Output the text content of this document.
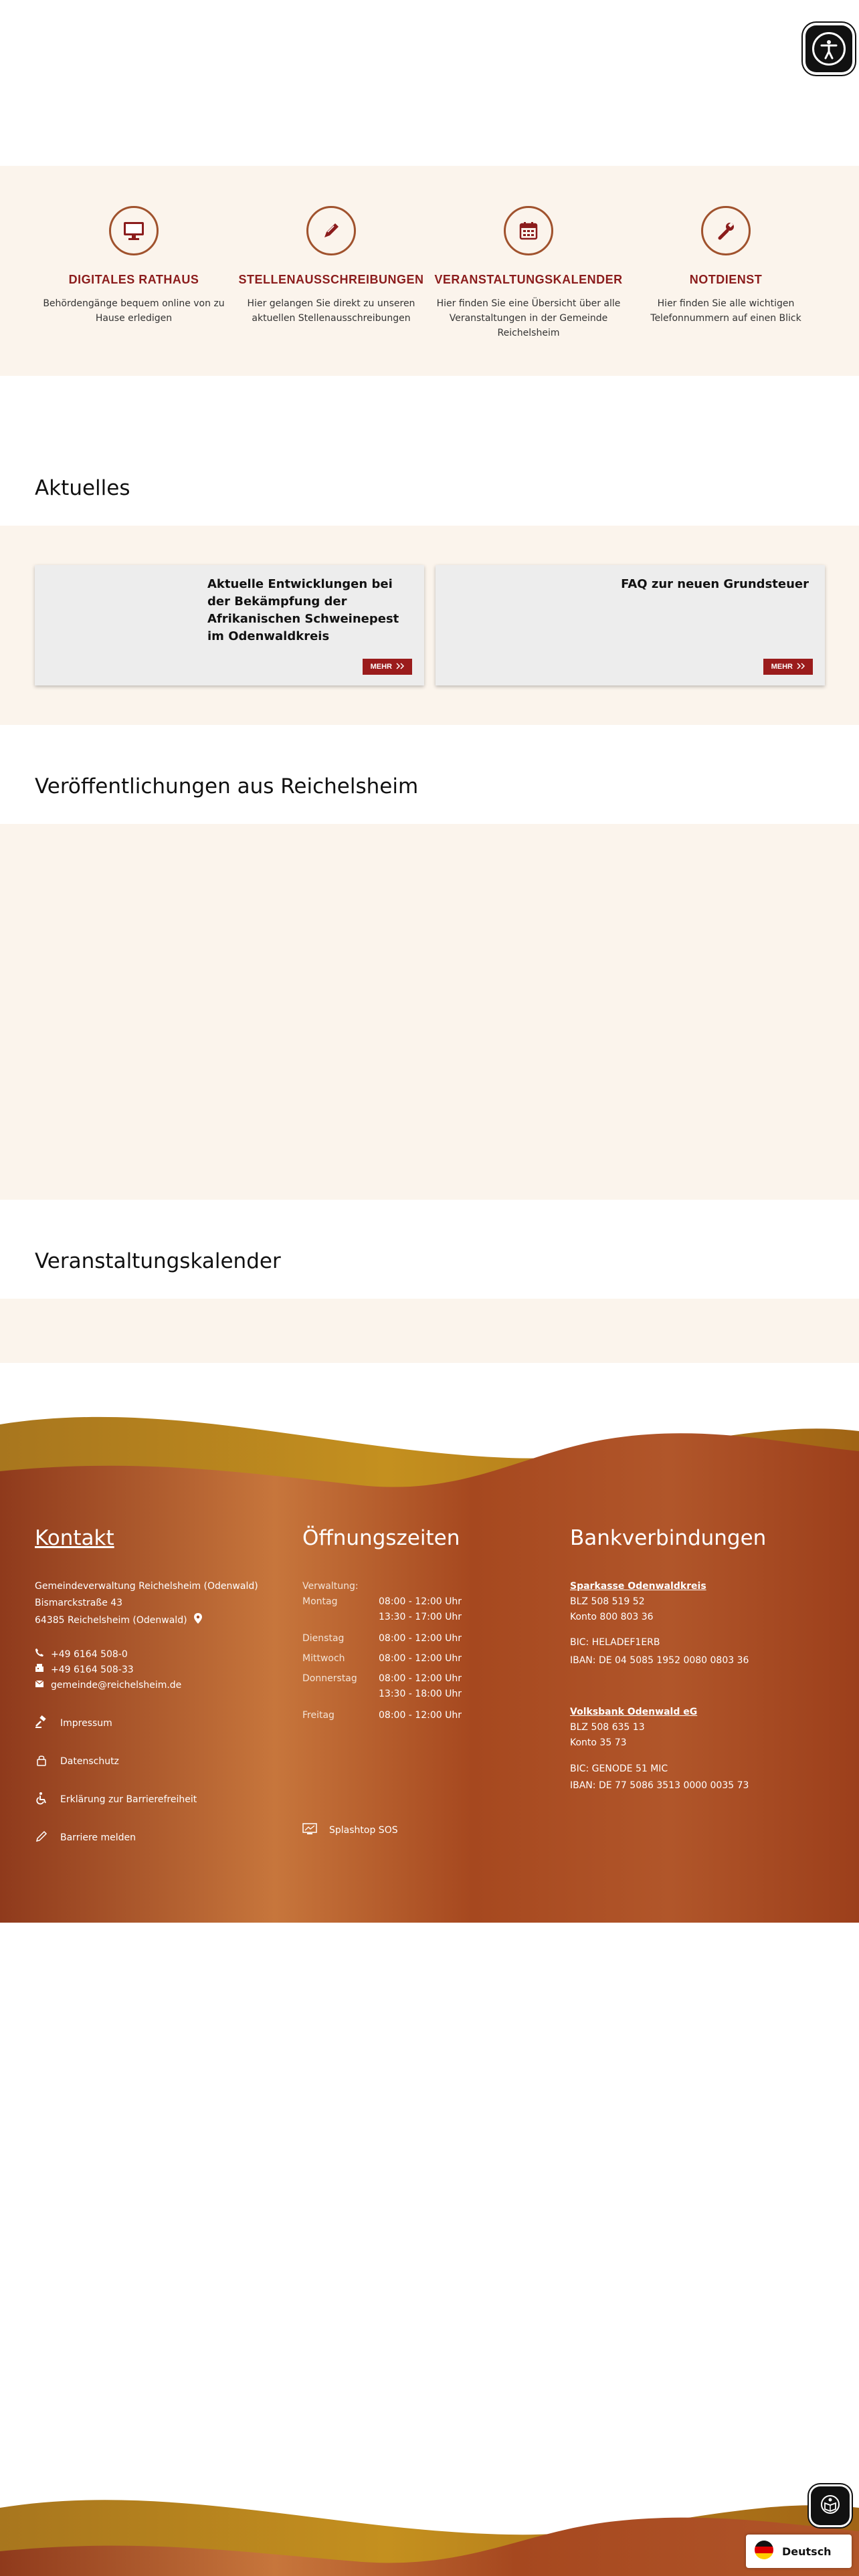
DIGITALES RATHAUS
Behördengänge bequem online von zu Hause erledigen
STELLENAUSSCHREIBUNGEN
Hier gelangen Sie direkt zu unseren aktuellen Stellenausschreibungen
VERANSTALTUNGSKALENDER
Hier finden Sie eine Übersicht über alle Veranstaltungen in der Gemeinde Reichelsheim
NOTDIENST
Hier finden Sie alle wichtigen Telefonnummern auf einen Blick
Aktuelles
Aktuelle Entwicklungen bei der Bekämpfung der Afrikanischen Schweinepest im Odenwaldkreis
MEHR
FAQ zur neuen Grundsteuer
MEHR
Veröffentlichungen aus Reichelsheim
Veranstaltungskalender
Kontakt
Gemeindeverwaltung Reichelsheim (Odenwald)
Bismarckstraße 43
64385 Reichelsheim (Odenwald)
+49 6164 508-0
+49 6164 508-33
gemeinde@reichelsheim.de
Impressum
Datenschutz
Erklärung zur Barrierefreiheit
Barriere melden
Öffnungszeiten
Verwaltung:
Montag	08:00 - 12:00 Uhr
13:30 - 17:00 Uhr
Dienstag	08:00 - 12:00 Uhr
Mittwoch	08:00 - 12:00 Uhr
Donnerstag	08:00 - 12:00 Uhr
13:30 - 18:00 Uhr
Freitag	08:00 - 12:00 Uhr
Splashtop SOS
Bankverbindungen
Sparkasse Odenwaldkreis
BLZ 508 519 52
Konto 800 803 36
BIC: HELADEF1ERB
IBAN: DE 04 5085 1952 0080 0803 36
Volksbank Odenwald eG
BLZ 508 635 13
Konto 35 73
BIC: GENODE 51 MIC
IBAN: DE 77 5086 3513 0000 0035 73
Deutsch
